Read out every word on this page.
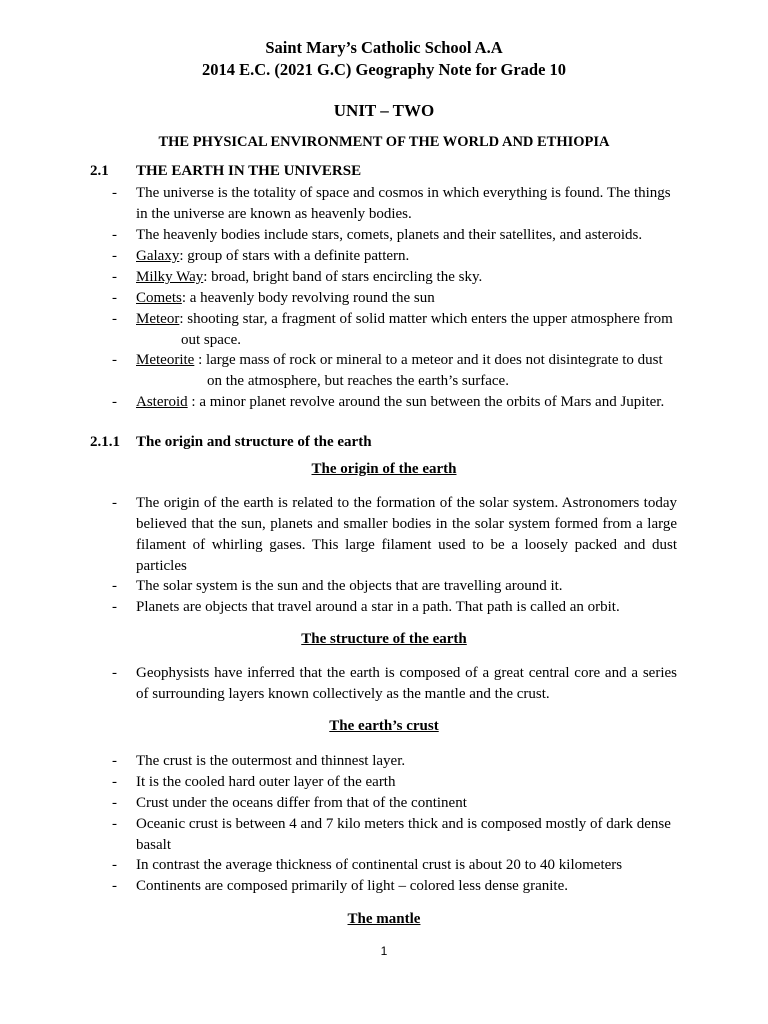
Saint Mary’s Catholic School A.A
2014 E.C. (2021 G.C) Geography Note for Grade 10
UNIT – TWO
THE PHYSICAL ENVIRONMENT OF THE WORLD AND ETHIOPIA
2.1 THE EARTH IN THE UNIVERSE
- The universe is the totality of space and cosmos in which everything is found. The things
in the universe are known as heavenly bodies.
- The heavenly bodies include stars, comets, planets and their satellites, and asteroids.
- Galaxy: group of stars with a definite pattern.
- Milky Way: broad, bright band of stars encircling the sky.
- Comets: a heavenly body revolving round the sun
- Meteor: shooting star, a fragment of solid matter which enters the upper atmosphere from
out space.
- Meteorite : large mass of rock or mineral to a meteor and it does not disintegrate to dust
on the atmosphere, but reaches the earth’s surface.
- Asteroid : a minor planet revolve around the sun between the orbits of Mars and Jupiter.
2.1.1 The origin and structure of the earth
The origin of the earth
- The origin of the earth is related to the formation of the solar system. Astronomers today believed that the sun, planets and smaller bodies in the solar system formed from a large filament of whirling gases. This large filament used to be a loosely packed and dust particles
- The solar system is the sun and the objects that are travelling around it.
- Planets are objects that travel around a star in a path. That path is called an orbit.
The structure of the earth
- Geophysists have inferred that the earth is composed of a great central core and a series of surrounding layers known collectively as the mantle and the crust.
The earth’s crust
- The crust is the outermost and thinnest layer.
- It is the cooled hard outer layer of the earth
- Crust under the oceans differ from that of the continent
- Oceanic crust is between 4 and 7 kilo meters thick and is composed mostly of dark dense
basalt
- In contrast the average thickness of continental crust is about 20 to 40 kilometers
- Continents are composed primarily of light – colored less dense granite.
The mantle
1
